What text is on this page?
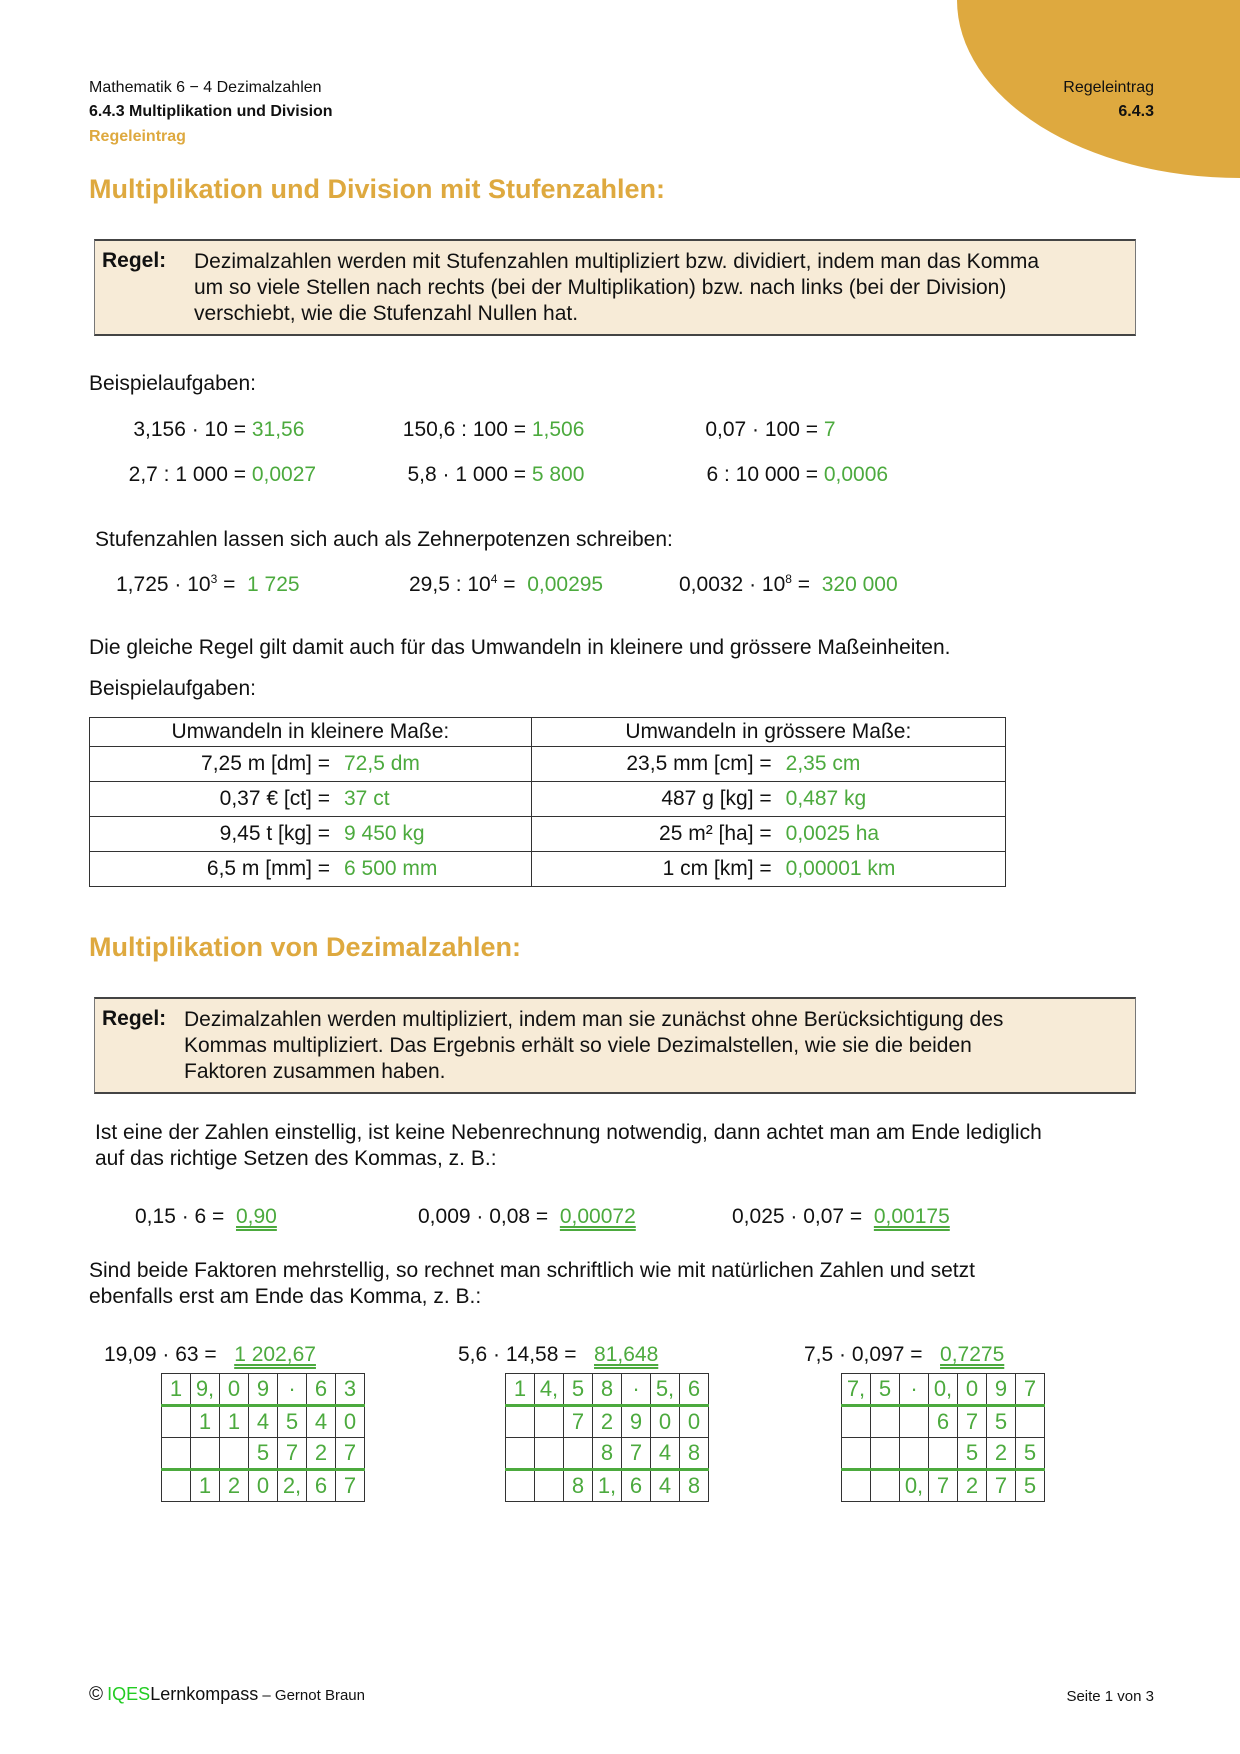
Regeleintrag
6.4.3
Mathematik 6 − 4 Dezimalzahlen
6.4.3 Multiplikation und Division
Regeleintrag
Multiplikation und Division mit Stufenzahlen:
Regel: Dezimalzahlen werden mit Stufenzahlen multipliziert bzw. dividiert, indem man das Komma
um so viele Stellen nach rechts (bei der Multiplikation) bzw. nach links (bei der Division)
verschiebt, wie die Stufenzahl Nullen hat.
Beispielaufgaben:
3,156 · 10 = 31,56	150,6 : 100 = 1,506	0,07 · 100 = 7
2,7 : 1 000 = 0,0027	5,8 · 1 000 = 5 800	6 : 10 000 = 0,0006
Stufenzahlen lassen sich auch als Zehnerpotenzen schreiben:
$1,725 \cdot 10^3 = 1$ 725	29,5 : $10^4 = 0,00295$	$0,0032 \cdot 10^8 = 320$ 000
Die gleiche Regel gilt damit auch für das Umwandeln in kleinere und grössere Maßeinheiten.
Beispielaufgaben:
Umwandeln in kleinere Maße:		Umwandeln in grössere Maße:	
7,25 m [dm] =	72,5 dm	23,5 mm [cm] =	2,35 cm
0,37 € [ct] =	37 ct	487 g [kg] =	0,487 kg
9,45 t [kg] =	9 450 kg	25 m² [ha] =	0,0025 ha
6,5 m [mm] =	6 500 mm	1 cm [km] =	0,00001 km
Multiplikation von Dezimalzahlen:
Regel: Dezimalzahlen werden multipliziert, indem man sie zunächst ohne Berücksichtigung des
Kommas multipliziert. Das Ergebnis erhält so viele Dezimalstellen, wie sie die beiden
Faktoren zusammen haben.
Ist eine der Zahlen einstellig, ist keine Nebenrechnung notwendig, dann achtet man am Ende lediglich
auf das richtige Setzen des Kommas, z. B.:
0,15 · 6 = 0,90	0,009 · 0,08 = 0,00072	0,025 · 0,07 = 0,00175
Sind beide Faktoren mehrstellig, so rechnet man schriftlich wie mit natürlichen Zahlen und setzt
ebenfalls erst am Ende das Komma, z. B.:
19,09 · 63 = 1 202,67
1	9,	0	9	·	6	3
	1	1	4	5	4	0
			5	7	2	7
	1	2	0	2,	6	7
5,6 · 14,58 = 81,648
1	4,	5	8	·	5,	6
		7	2	9	0	0
			8	7	4	8
		8	1,	6	4	8
7,5 · 0,097 = 0,7275
7,	5	·	0,	0	9	7
			6	7	5	
				5	2	5
		0,	7	2	7	5
© IQESLernkompass – Gernot Braun	Seite 1 von 3
